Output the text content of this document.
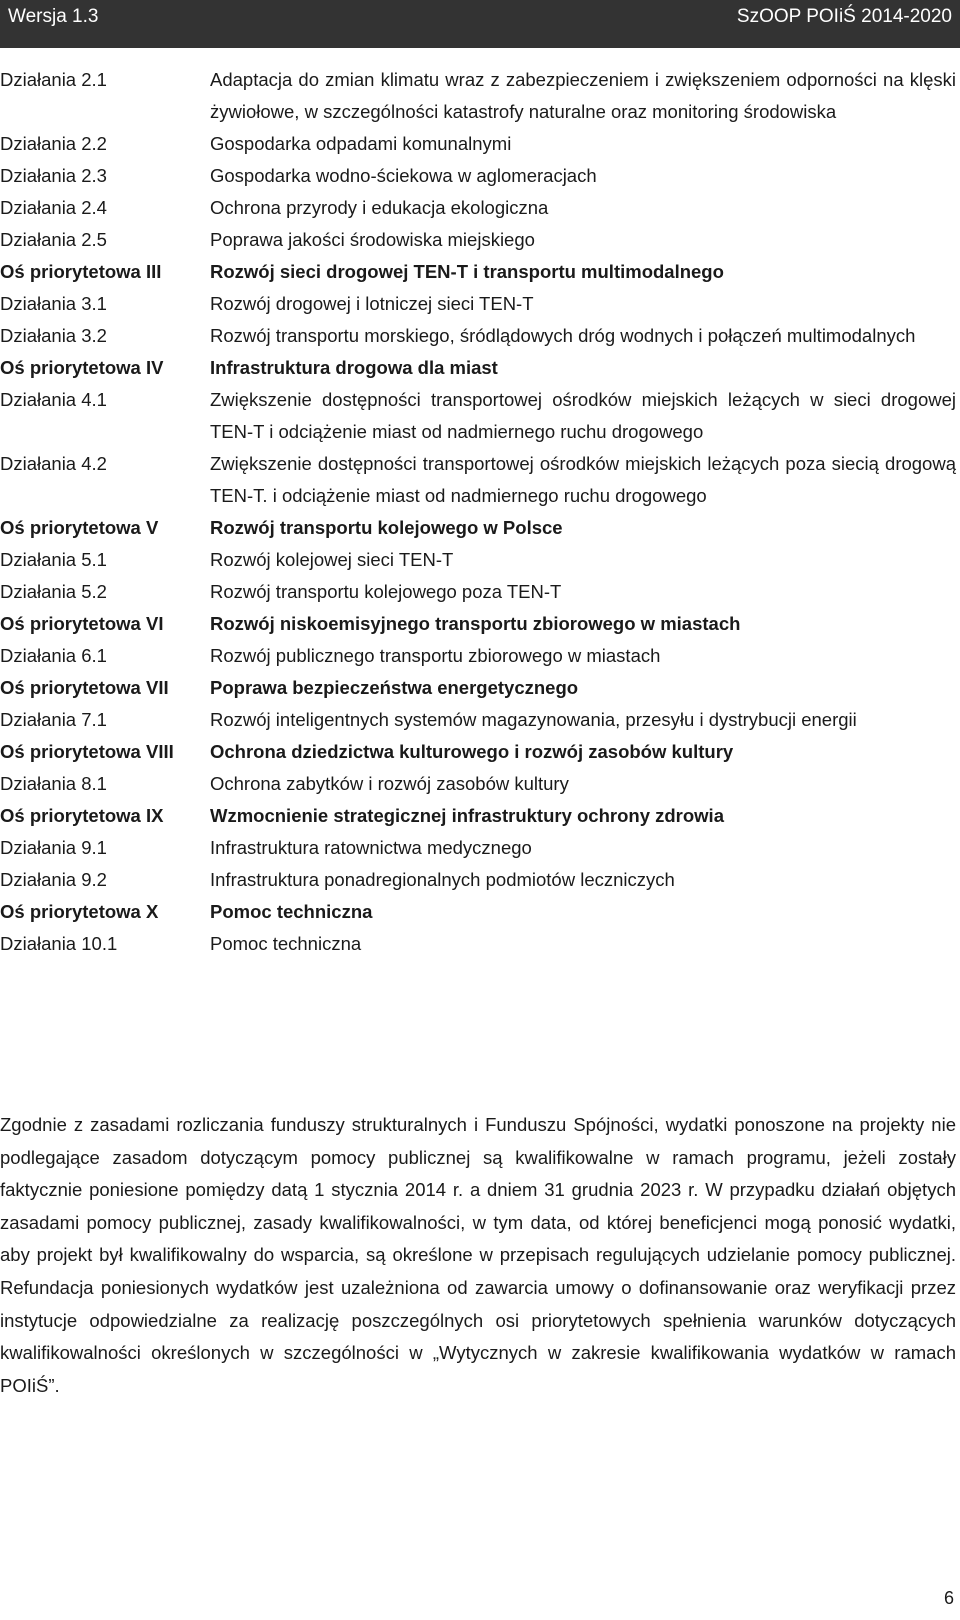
Wersja 1.3	SzOOP POIiŚ 2014-2020
Działania 2.1	Adaptacja do zmian klimatu wraz z zabezpieczeniem i zwiększeniem odporności na klęski żywiołowe, w szczególności katastrofy naturalne oraz monitoring środowiska
Działania 2.2	Gospodarka odpadami komunalnymi
Działania 2.3	Gospodarka wodno-ściekowa w aglomeracjach
Działania 2.4	Ochrona przyrody i edukacja ekologiczna
Działania 2.5	Poprawa jakości środowiska miejskiego
Oś priorytetowa III	Rozwój sieci drogowej TEN-T i transportu multimodalnego
Działania 3.1	Rozwój drogowej i lotniczej sieci TEN-T
Działania 3.2	Rozwój transportu morskiego, śródlądowych dróg wodnych i połączeń multimodalnych
Oś priorytetowa IV	Infrastruktura drogowa dla miast
Działania 4.1	Zwiększenie dostępności transportowej ośrodków miejskich leżących w sieci drogowej TEN-T i odciążenie miast od nadmiernego ruchu drogowego
Działania 4.2	Zwiększenie dostępności transportowej ośrodków miejskich leżących poza siecią drogową TEN-T. i odciążenie miast od nadmiernego ruchu drogowego
Oś priorytetowa V	Rozwój transportu kolejowego w Polsce
Działania 5.1	Rozwój kolejowej sieci TEN-T
Działania 5.2	Rozwój transportu kolejowego poza TEN-T
Oś priorytetowa VI	Rozwój niskoemisyjnego transportu zbiorowego w miastach
Działania 6.1	Rozwój publicznego transportu zbiorowego w miastach
Oś priorytetowa VII	Poprawa bezpieczeństwa energetycznego
Działania 7.1	Rozwój inteligentnych systemów magazynowania, przesyłu i dystrybucji energii
Oś priorytetowa VIII	Ochrona dziedzictwa kulturowego i rozwój zasobów kultury
Działania 8.1	Ochrona zabytków i rozwój zasobów kultury
Oś priorytetowa IX	Wzmocnienie strategicznej infrastruktury ochrony zdrowia
Działania 9.1	Infrastruktura ratownictwa medycznego
Działania 9.2	Infrastruktura ponadregionalnych podmiotów leczniczych
Oś priorytetowa X	Pomoc techniczna
Działania 10.1	Pomoc techniczna

Zgodnie z zasadami rozliczania funduszy strukturalnych i Funduszu Spójności, wydatki ponoszone na projekty nie podlegające zasadom dotyczącym pomocy publicznej są kwalifikowalne w ramach programu, jeżeli zostały faktycznie poniesione pomiędzy datą 1 stycznia 2014 r. a dniem 31 grudnia 2023 r. W przypadku działań objętych zasadami pomocy publicznej, zasady kwalifikowalności, w tym data, od której beneficjenci mogą ponosić wydatki, aby projekt był kwalifikowalny do wsparcia, są określone w przepisach regulujących udzielanie pomocy publicznej. Refundacja poniesionych wydatków jest uzależniona od zawarcia umowy o dofinansowanie oraz weryfikacji przez instytucje odpowiedzialne za realizację poszczególnych osi priorytetowych spełnienia warunków dotyczących kwalifikowalności określonych w szczególności w „Wytycznych w zakresie kwalifikowania wydatków w ramach POIiŚ”.

6
